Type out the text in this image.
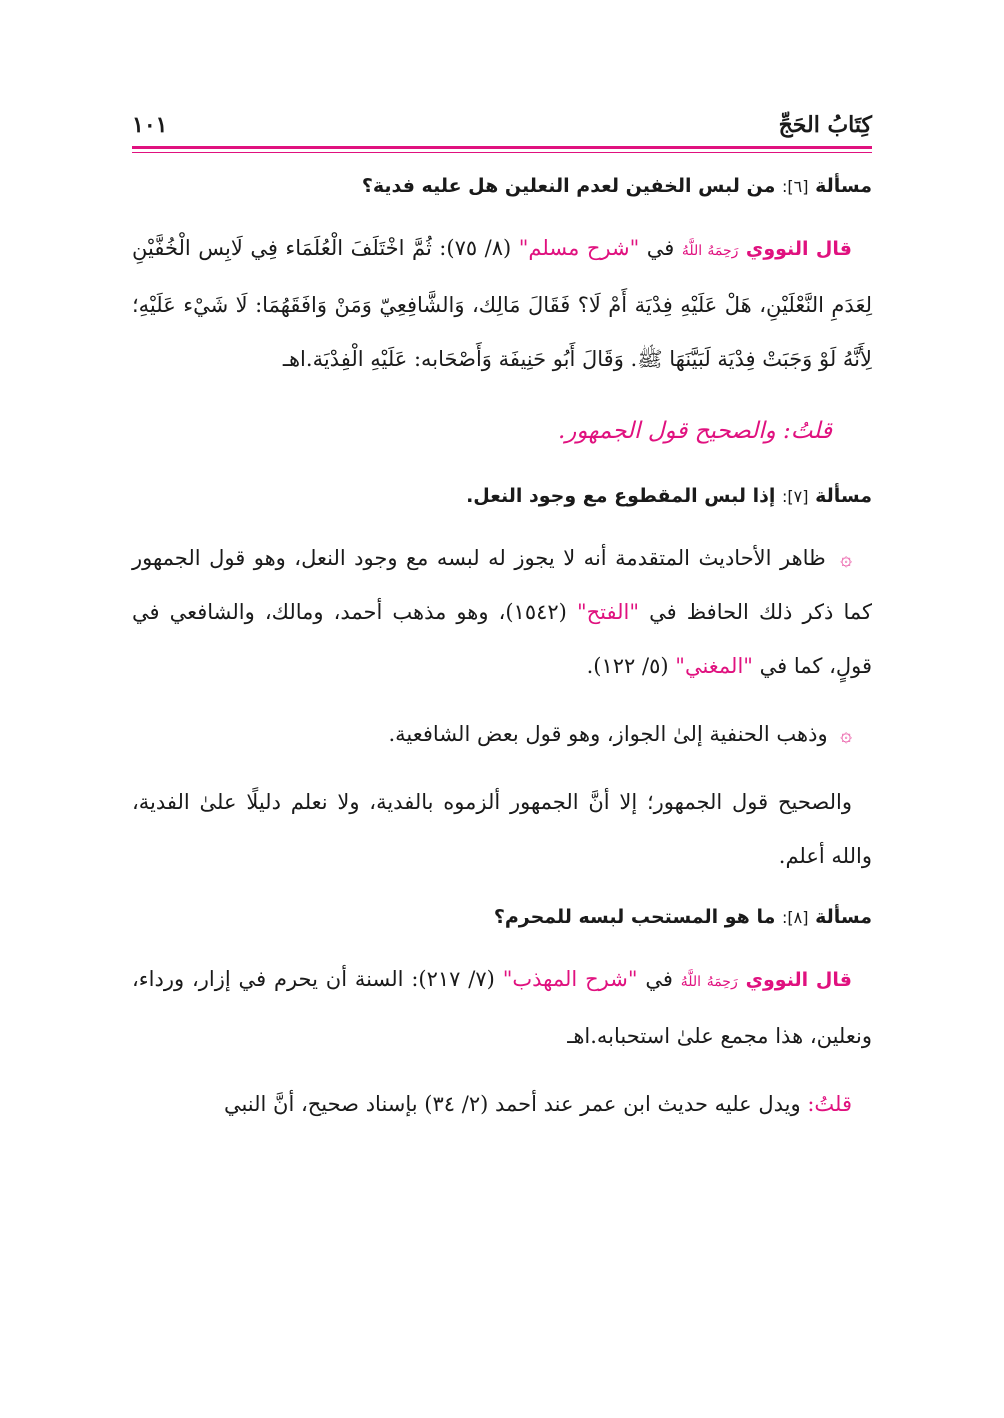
كِتَابُ الحَجِّ
١٠١

مسألة [٦]: من لبس الخفين لعدم النعلين هل عليه فدية؟

قال النووي رَحِمَهُ اللَّهُ في "شرح مسلم" (٨/ ٧٥): ثُمَّ اخْتَلَفَ الْعُلَمَاء فِي لَابِس الْخُفَّيْنِ لِعَدَمِ النَّعْلَيْنِ، هَلْ عَلَيْهِ فِدْيَة أَمْ لَا؟ فَقَالَ مَالِك، وَالشَّافِعِيّ وَمَنْ وَافَقَهُمَا: لَا شَيْء عَلَيْهِ؛ لِأَنَّهُ لَوْ وَجَبَتْ فِدْيَة لَبَيَّنَهَا ﷺ. وَقَالَ أَبُو حَنِيفَة وَأَصْحَابه: عَلَيْهِ الْفِدْيَة.اهـ

قلتُ: والصحيح قول الجمهور.

مسألة [٧]: إذا لبس المقطوع مع وجود النعل.

۞ ظاهر الأحاديث المتقدمة أنه لا يجوز له لبسه مع وجود النعل، وهو قول الجمهور كما ذكر ذلك الحافظ في "الفتح" (١٥٤٢)، وهو مذهب أحمد، ومالك، والشافعي في قولٍ، كما في "المغني" (٥/ ١٢٢).

۞ وذهب الحنفية إلىٰ الجواز، وهو قول بعض الشافعية.

والصحيح قول الجمهور؛ إلا أنَّ الجمهور ألزموه بالفدية، ولا نعلم دليلًا علىٰ الفدية، والله أعلم.

مسألة [٨]: ما هو المستحب لبسه للمحرم؟

قال النووي رَحِمَهُ اللَّهُ في "شرح المهذب" (٧/ ٢١٧): السنة أن يحرم في إزار، ورداء، ونعلين، هذا مجمع علىٰ استحبابه.اهـ

قلتُ: ويدل عليه حديث ابن عمر عند أحمد (٢/ ٣٤) بإسناد صحيح، أنَّ النبي
